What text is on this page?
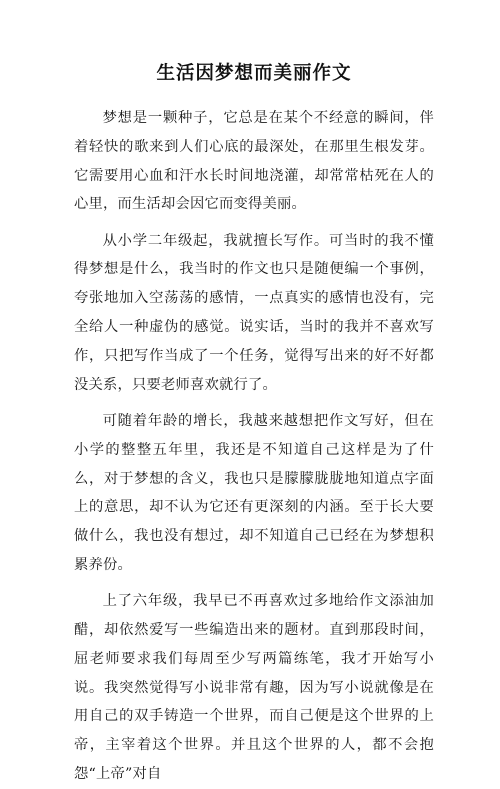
生活因梦想而美丽作文

梦想是一颗种子，它总是在某个不经意的瞬间，伴着轻快的歌来到人们心底的最深处，在那里生根发芽。它需要用心血和汗水长时间地浇灌，却常常枯死在人的心里，而生活却会因它而变得美丽。

从小学二年级起，我就擅长写作。可当时的我不懂得梦想是什么，我当时的作文也只是随便编一个事例，夸张地加入空荡荡的感情，一点真实的感情也没有，完全给人一种虚伪的感觉。说实话，当时的我并不喜欢写作，只把写作当成了一个任务，觉得写出来的好不好都没关系，只要老师喜欢就行了。

可随着年龄的增长，我越来越想把作文写好，但在小学的整整五年里，我还是不知道自己这样是为了什么，对于梦想的含义，我也只是朦朦胧胧地知道点字面上的意思，却不认为它还有更深刻的内涵。至于长大要做什么，我也没有想过，却不知道自己已经在为梦想积累养份。

上了六年级，我早已不再喜欢过多地给作文添油加醋，却依然爱写一些编造出来的题材。直到那段时间，屈老师要求我们每周至少写两篇练笔，我才开始写小说。我突然觉得写小说非常有趣，因为写小说就像是在用自己的双手铸造一个世界，而自己便是这个世界的上帝，主宰着这个世界。并且这个世界的人，都不会抱怨“上帝”对自
